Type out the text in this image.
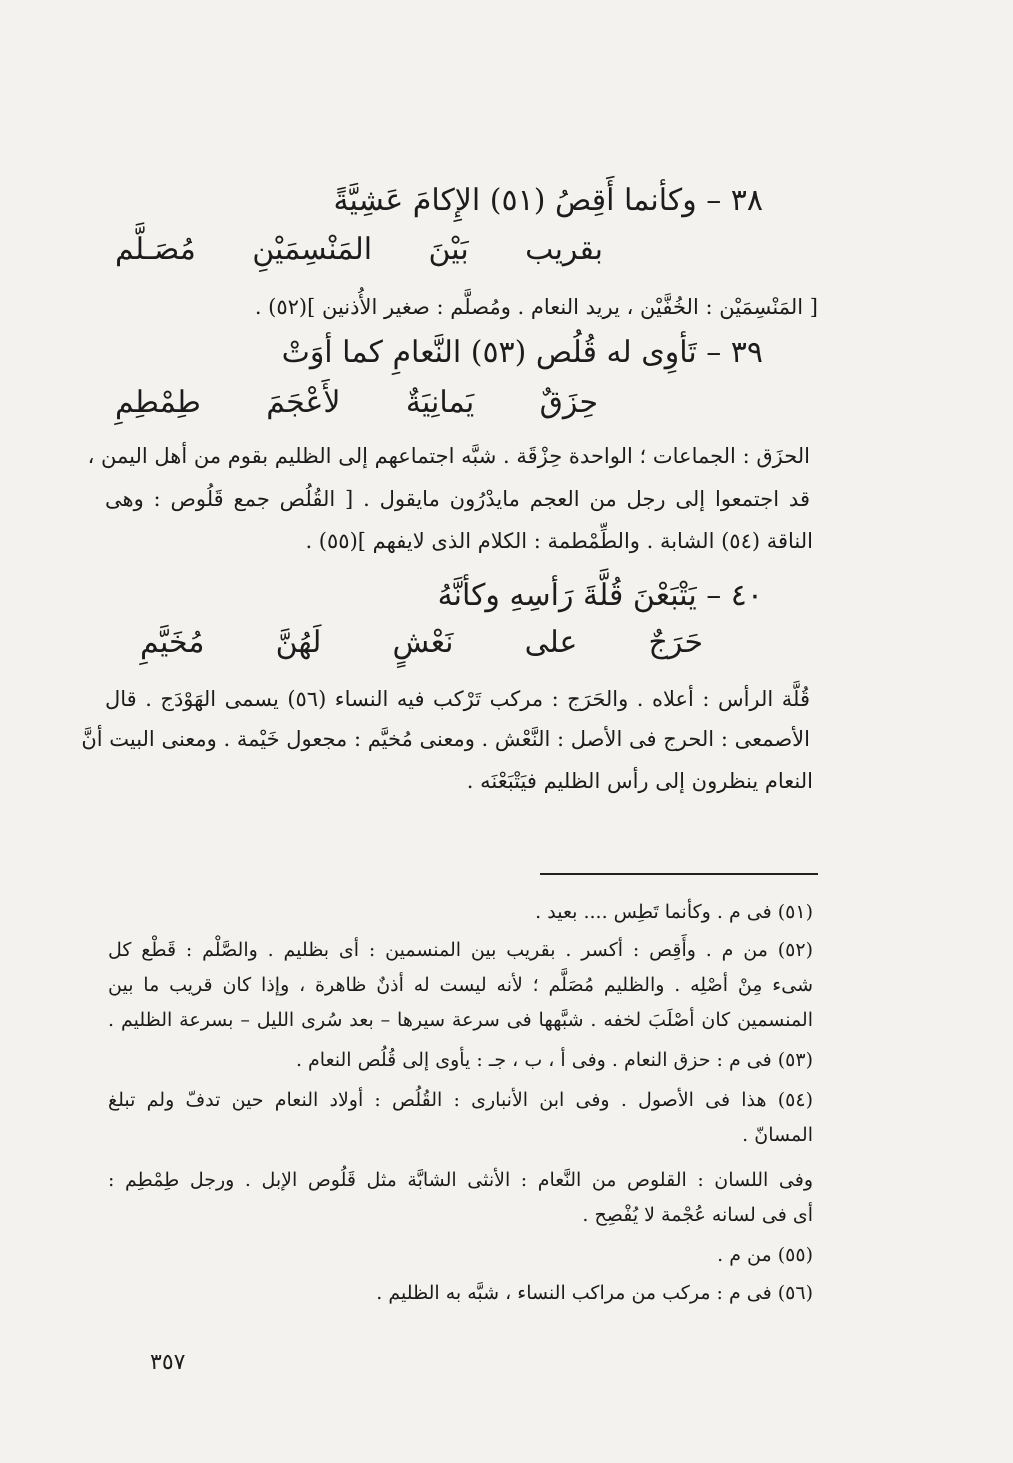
٣٨ – وكأنما أَقِصُ (٥١) الإِكامَ عَشِيَّةً
بقريب
بَيْنَ
المَنْسِمَيْنِ
مُصَـلَّم
[ المَنْسِمَيْن : الخُفَّيْن ، يريد النعام . ومُصلَّم : صغير الأُذنين ](٥٢) .
٣٩ – تَأوِى له قُلُص (٥٣) النَّعامِ كما أوَتْ
حِزَقٌ
يَمانِيَةٌ
لأَعْجَمَ
طِمْطِمِ
الحزَق : الجماعات ؛ الواحدة حِزْقَة . شبَّه اجتماعهم إلى الظليم بقوم من أهل اليمن ،
قد اجتمعوا إلى رجل من العجم مايدْرُون مايقول . [ القُلُص جمع قَلُوص : وهى
الناقة (٥٤) الشابة . والطِّمْطمة : الكلام الذى لايفهم ](٥٥) .
٤٠ – يَتْبَعْنَ قُلَّةَ رَأسِهِ وكأنَّهُ
حَرَجٌ
على
نَعْشٍ
لَهُنَّ
مُخَيَّمِ
قُلَّة الرأس : أعلاه . والحَرَج : مركب تَرْكب فيه النساء (٥٦) يسمى الهَوْدَج . قال
الأصمعى : الحرج فى الأصل : النَّعْش . ومعنى مُخيَّم : مجعول خَيْمة . ومعنى البيت أنَّ
النعام ينظرون إلى رأس الظليم فيَتْبَعْنَه .
(٥١) فى م . وكأنما تَطِس .... بعيد .
(٥٢) من م . وأَقِص : أكسر . بقريب بين المنسمين : أى بظليم . والصَّلْم : قَطْع كل
شىء مِنْ أصْلِه . والظليم مُصَلَّم ؛ لأنه ليست له أذنٌ ظاهرة ، وإذا كان قريب ما بين
المنسمين كان أصْلَبَ لخفه . شبَّهها فى سرعة سيرها – بعد سُرى الليل – بسرعة الظليم .
(٥٣) فى م : حزق النعام . وفى أ ، ب ، جـ : يأوى إلى قُلُص النعام .
(٥٤) هذا فى الأصول . وفى ابن الأنبارى : القُلُص : أولاد النعام حين تدفّ ولم تبلغ
المسانّ .
وفى اللسان : القلوص من النَّعام : الأنثى الشابَّة مثل قَلُوص الإبل . ورجل طِمْطِم :
أى فى لسانه عُجْمة لا يُفْصِح .
(٥٥) من م .
(٥٦) فى م : مركب من مراكب النساء ، شبَّه به الظليم .
٣٥٧
